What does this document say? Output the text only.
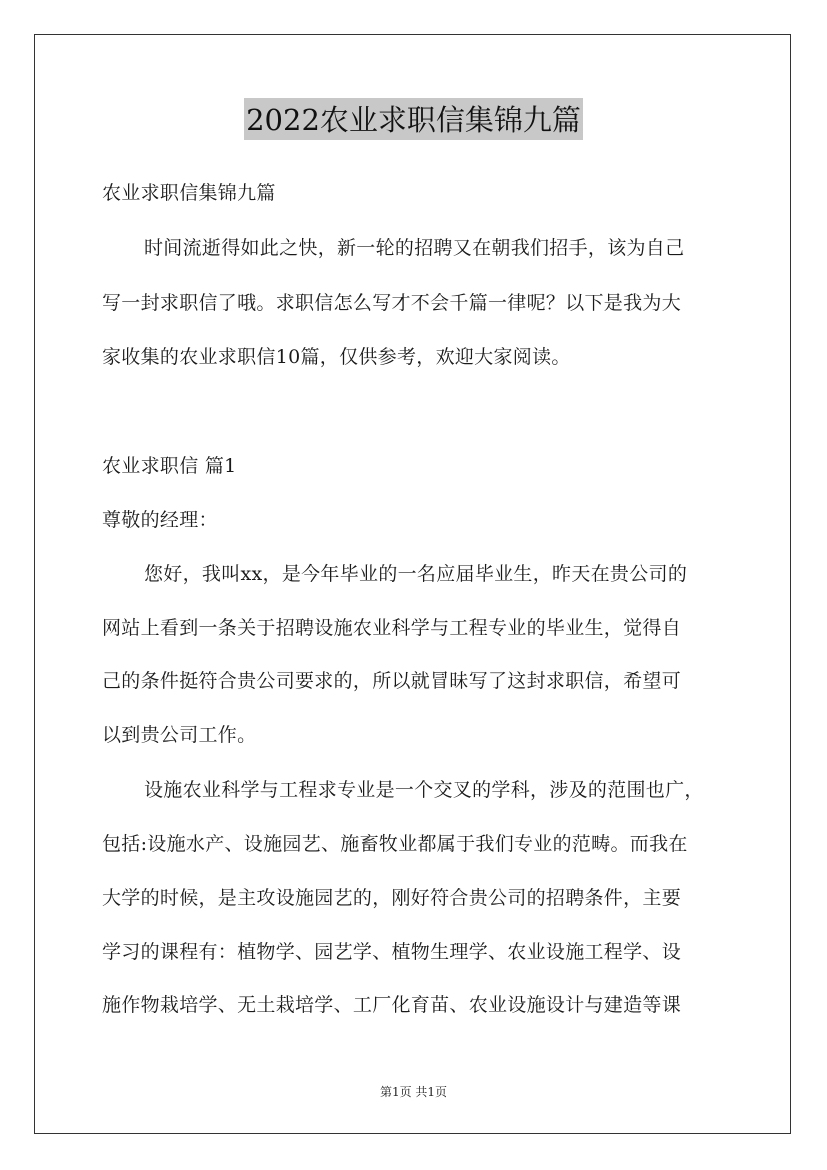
2022农业求职信集锦九篇
农业求职信集锦九篇
时间流逝得如此之快，新一轮的招聘又在朝我们招手，该为自己
写一封求职信了哦。求职信怎么写才不会千篇一律呢？以下是我为大
家收集的农业求职信10篇，仅供参考，欢迎大家阅读。
农业求职信 篇1
尊敬的经理：
您好，我叫xx，是今年毕业的一名应届毕业生，昨天在贵公司的
网站上看到一条关于招聘设施农业科学与工程专业的毕业生，觉得自
己的条件挺符合贵公司要求的，所以就冒昧写了这封求职信，希望可
以到贵公司工作。
设施农业科学与工程求专业是一个交叉的学科，涉及的范围也广，
包括:设施水产、设施园艺、施畜牧业都属于我们专业的范畴。而我在
大学的时候，是主攻设施园艺的，刚好符合贵公司的招聘条件，主要
学习的课程有：植物学、园艺学、植物生理学、农业设施工程学、设
施作物栽培学、无土栽培学、工厂化育苗、农业设施设计与建造等课
第1页 共1页
